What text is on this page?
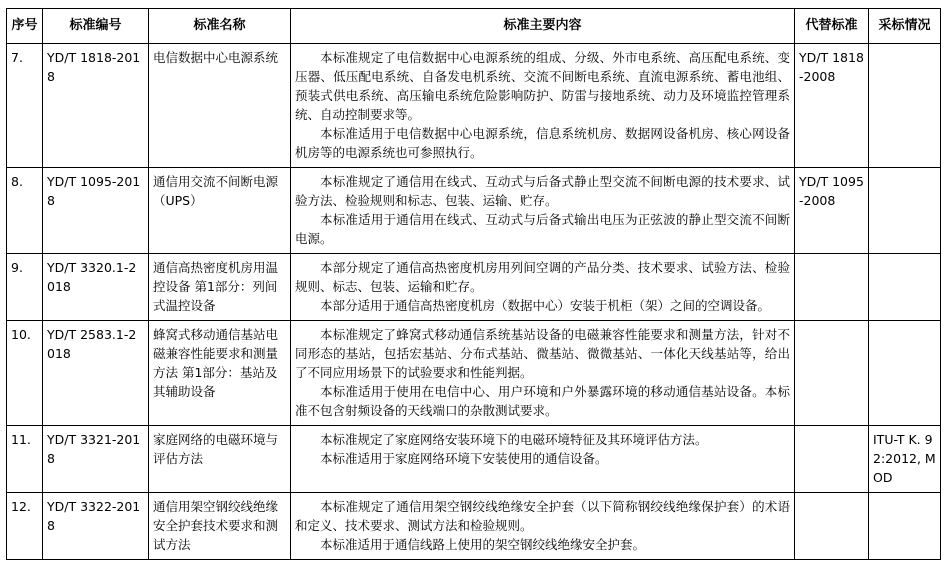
序号	标准编号	标准名称	标准主要内容	代替标准	采标情况
7.	YD/T 1818-2018	电信数据中心电源系统	本标准规定了电信数据中心电源系统的组成、分级、外市电系统、高压配电系统、变压器、低压配电系统、自备发电机系统、交流不间断电系统、直流电源系统、蓄电池组、预装式供电系统、高压输电系统危险影响防护、防雷与接地系统、动力及环境监控管理系统、自动控制要求等。

本标准适用于电信数据中心电源系统，信息系统机房、数据网设备机房、核心网设备机房等的电源系统也可参照执行。	YD/T 1818-2008	
8.	YD/T 1095-2018	通信用交流不间断电源（UPS）	本标准规定了通信用在线式、互动式与后备式静止型交流不间断电源的技术要求、试验方法、检验规则和标志、包装、运输、贮存。

本标准适用于通信用在线式、互动式与后备式输出电压为正弦波的静止型交流不间断电源。	YD/T 1095-2008	
9.	YD/T 3320.1-2018	通信高热密度机房用温控设备 第1部分：列间式温控设备	本部分规定了通信高热密度机房用列间空调的产品分类、技术要求、试验方法、检验规则、标志、包装、运输和贮存。

本部分适用于通信高热密度机房（数据中心）安装于机柜（架）之间的空调设备。		

10.	YD/T 2583.1-2018	蜂窝式移动通信基站电磁兼容性能要求和测量方法 第1部分：基站及其辅助设备	本标准规定了蜂窝式移动通信系统基站设备的电磁兼容性能要求和测量方法，针对不同形态的基站，包括宏基站、分布式基站、微基站、微微基站、一体化天线基站等，给出了不同应用场景下的试验要求和性能判据。

本标准适用于使用在电信中心、用户环境和户外暴露环境的移动通信基站设备。本标准不包含射频设备的天线端口的杂散测试要求。		

11.	YD/T 3321-2018	家庭网络的电磁环境与评估方法	本标准规定了家庭网络安装环境下的电磁环境特征及其环境评估方法。

本标准适用于家庭网络环境下安装使用的通信设备。		ITU-T K. 92:2012, MOD
12.	YD/T 3322-2018	通信用架空钢绞线绝缘安全护套技术要求和测试方法	本标准规定了通信用架空钢绞线绝缘安全护套（以下简称钢绞线绝缘保护套）的术语和定义、技术要求、测试方法和检验规则。

本标准适用于通信线路上使用的架空钢绞线绝缘安全护套。		
